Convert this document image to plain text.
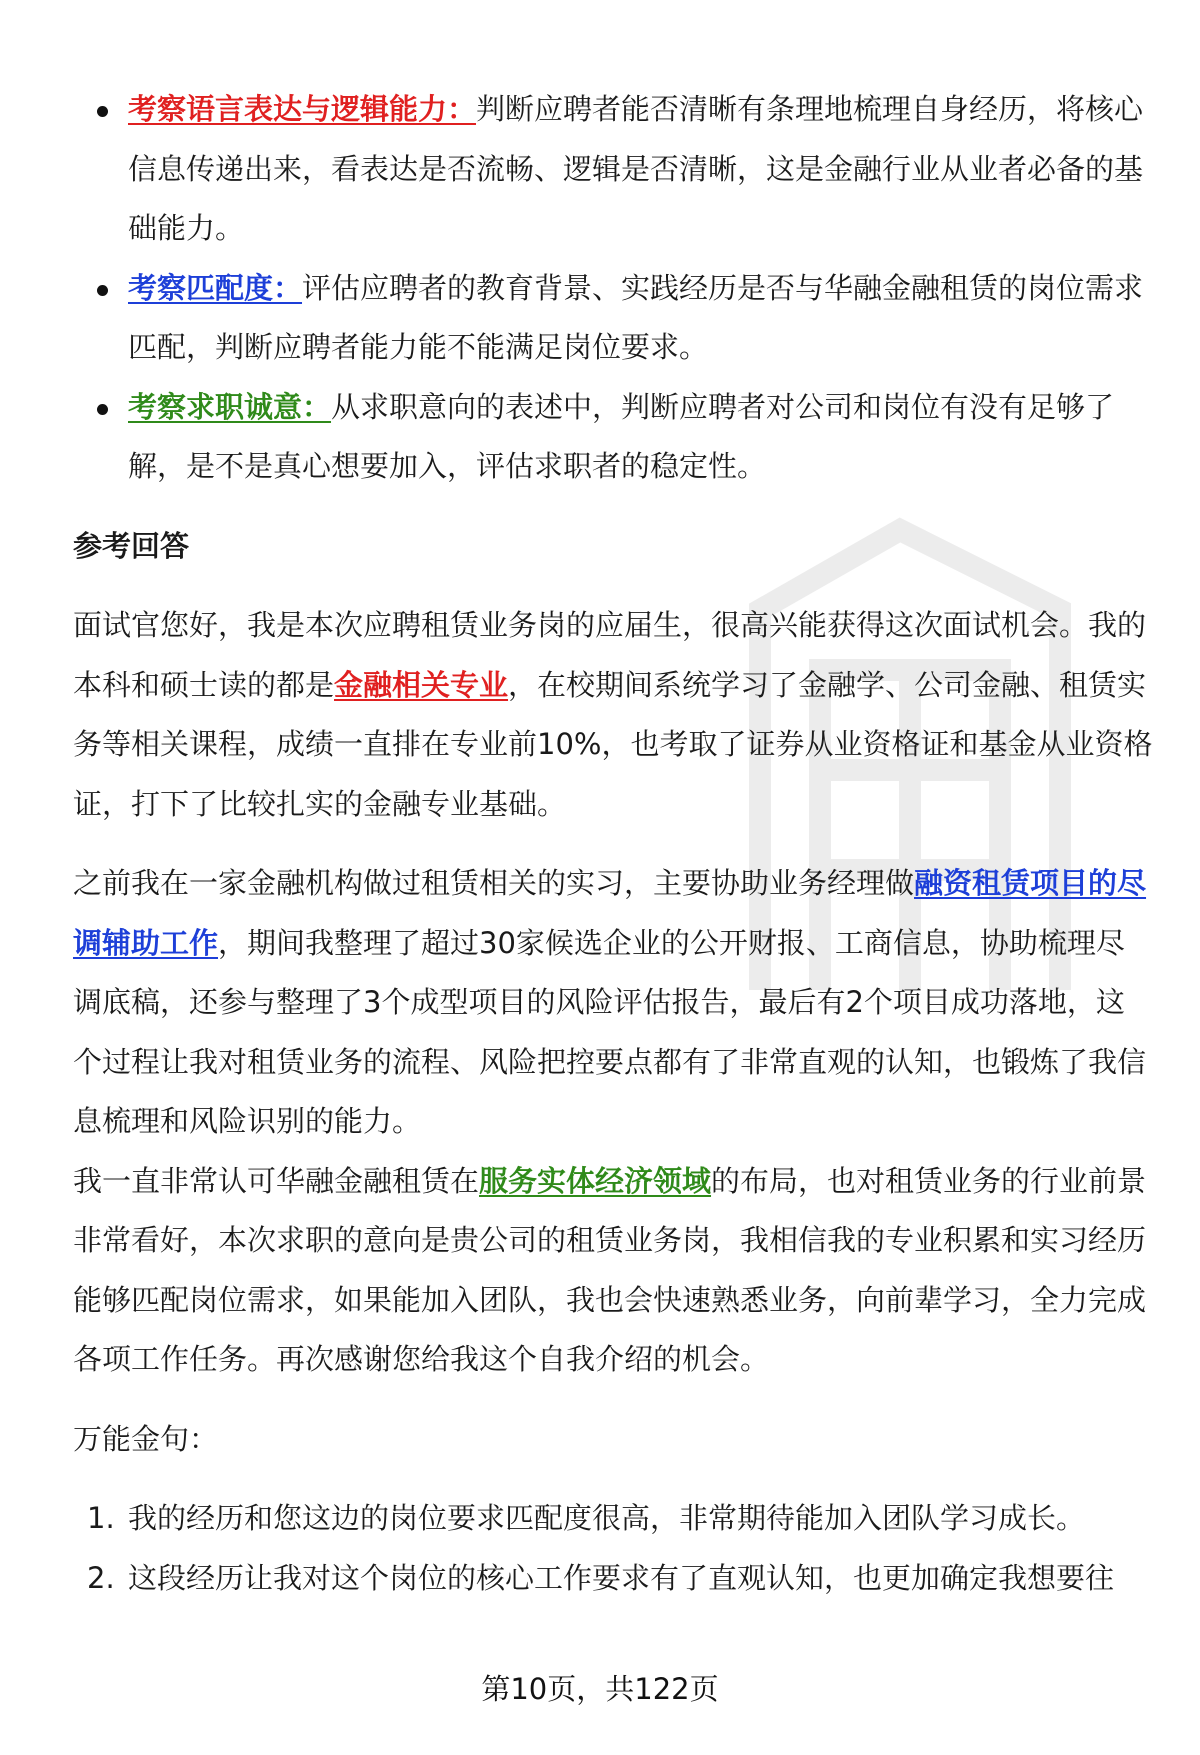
考察语言表达与逻辑能力：判断应聘者能否清晰有条理地梳理自身经历，将核心信息传递出来，看表达是否流畅、逻辑是否清晰，这是金融行业从业者必备的基础能力。
考察匹配度：评估应聘者的教育背景、实践经历是否与华融金融租赁的岗位需求匹配，判断应聘者能力能不能满足岗位要求。
考察求职诚意：从求职意向的表述中，判断应聘者对公司和岗位有没有足够了解，是不是真心想要加入，评估求职者的稳定性。
参考回答

面试官您好，我是本次应聘租赁业务岗的应届生，很高兴能获得这次面试机会。我的本科和硕士读的都是金融相关专业，在校期间系统学习了金融学、公司金融、租赁实务等相关课程，成绩一直排在专业前10%，也考取了证券从业资格证和基金从业资格证，打下了比较扎实的金融专业基础。

之前我在一家金融机构做过租赁相关的实习，主要协助业务经理做融资租赁项目的尽调辅助工作，期间我整理了超过30家候选企业的公开财报、工商信息，协助梳理尽调底稿，还参与整理了3个成型项目的风险评估报告，最后有2个项目成功落地，这个过程让我对租赁业务的流程、风险把控要点都有了非常直观的认知，也锻炼了我信息梳理和风险识别的能力。

我一直非常认可华融金融租赁在服务实体经济领域的布局，也对租赁业务的行业前景非常看好，本次求职的意向是贵公司的租赁业务岗，我相信我的专业积累和实习经历能够匹配岗位需求，如果能加入团队，我也会快速熟悉业务，向前辈学习，全力完成各项工作任务。再次感谢您给我这个自我介绍的机会。

万能金句：

1. 我的经历和您这边的岗位要求匹配度很高，非常期待能加入团队学习成长。
2. 这段经历让我对这个岗位的核心工作要求有了直观认知，也更加确定我想要往
第10页，共122页
